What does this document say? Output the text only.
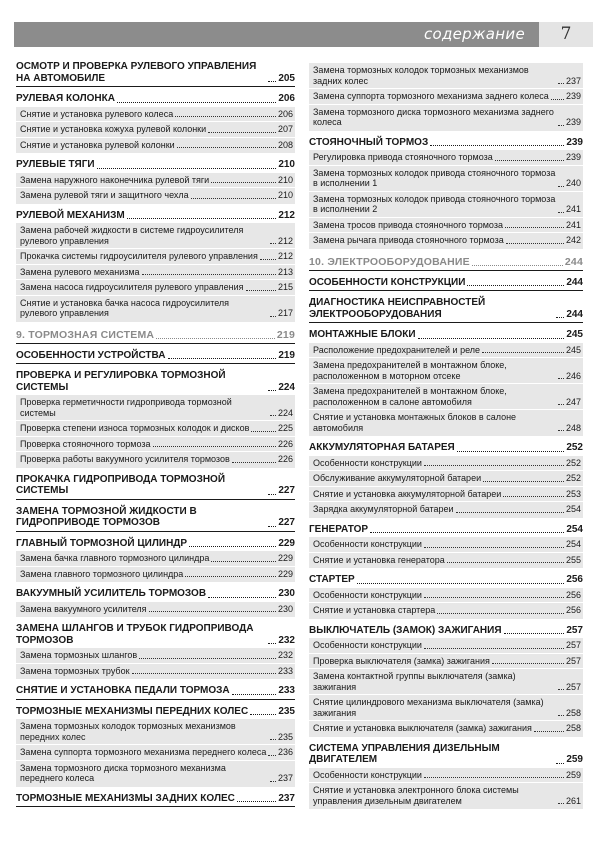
содержание	7
ОСМОТР И ПРОВЕРКА РУЛЕВОГО УПРАВЛЕНИЯ НА АВТОМОБИЛЕ	205
РУЛЕВАЯ КОЛОНКА	206
Снятие и установка рулевого колеса	206
Снятие и установка кожуха рулевой колонки	207
Снятие и установка рулевой колонки	208
РУЛЕВЫЕ ТЯГИ	210
Замена наружного наконечника рулевой тяги	210
Замена рулевой тяги и защитного чехла	210
РУЛЕВОЙ МЕХАНИЗМ	212
Замена рабочей жидкости в системе гидроусилителя рулевого управления	212
Прокачка системы гидроусилителя рулевого управления 212
Замена рулевого механизма	213
Замена насоса гидроусилителя рулевого управления	215
Снятие и установка бачка насоса гидроусилителя рулевого управления	217
9. ТОРМОЗНАЯ СИСТЕМА	219
ОСОБЕННОСТИ УСТРОЙСТВА	219
ПРОВЕРКА И РЕГУЛИРОВКА ТОРМОЗНОЙ СИСТЕМЫ	224
Проверка герметичности гидропривода тормозной системы	224
Проверка степени износа тормозных колодок и дисков	225
Проверка стояночного тормоза	226
Проверка работы вакуумного усилителя тормозов	226
ПРОКАЧКА ГИДРОПРИВОДА ТОРМОЗНОЙ СИСТЕМЫ	227
ЗАМЕНА ТОРМОЗНОЙ ЖИДКОСТИ В ГИДРОПРИВОДЕ ТОРМОЗОВ	227
ГЛАВНЫЙ ТОРМОЗНОЙ ЦИЛИНДР	229
Замена бачка главного тормозного цилиндра	229
Замена главного тормозного цилиндра	229
ВАКУУМНЫЙ УСИЛИТЕЛЬ ТОРМОЗОВ	230
Замена вакуумного усилителя	230
ЗАМЕНА ШЛАНГОВ И ТРУБОК ГИДРОПРИВОДА ТОРМОЗОВ	232
Замена тормозных шлангов	232
Замена тормозных трубок	233
СНЯТИЕ И УСТАНОВКА ПЕДАЛИ ТОРМОЗА	233
ТОРМОЗНЫЕ МЕХАНИЗМЫ ПЕРЕДНИХ КОЛЕС	235
Замена тормозных колодок тормозных механизмов передних колес	235
Замена суппорта тормозного механизма переднего колеса 236
Замена тормозного диска тормозного механизма переднего колеса	237
ТОРМОЗНЫЕ МЕХАНИЗМЫ ЗАДНИХ КОЛЕС	237
Замена тормозных колодок тормозных механизмов задних колес	237
Замена суппорта тормозного механизма заднего колеса 239
Замена тормозного диска тормозного механизма заднего колеса	239
СТОЯНОЧНЫЙ ТОРМОЗ	239
Регулировка привода стояночного тормоза	239
Замена тормозных колодок привода стояночного тормоза в исполнении 1	240
Замена тормозных колодок привода стояночного тормоза в исполнении 2	241
Замена тросов привода стояночного тормоза	241
Замена рычага привода стояночного тормоза	242
10. ЭЛЕКТРООБОРУДОВАНИЕ	244
ОСОБЕННОСТИ КОНСТРУКЦИИ	244
ДИАГНОСТИКА НЕИСПРАВНОСТЕЙ ЭЛЕКТРООБОРУДОВАНИЯ	244
МОНТАЖНЫЕ БЛОКИ	245
Расположение предохранителей и реле	245
Замена предохранителей в монтажном блоке, расположенном в моторном отсеке	246
Замена предохранителей в монтажном блоке, расположенном в салоне автомобиля	247
Снятие и установка монтажных блоков в салоне автомобиля	248
АККУМУЛЯТОРНАЯ БАТАРЕЯ	252
Особенности конструкции	252
Обслуживание аккумуляторной батареи	252
Снятие и установка аккумуляторной батареи	253
Зарядка аккумуляторной батареи	254
ГЕНЕРАТОР	254
Особенности конструкции	254
Снятие и установка генератора	255
СТАРТЕР	256
Особенности конструкции	256
Снятие и установка стартера	256
ВЫКЛЮЧАТЕЛЬ (ЗАМОК) ЗАЖИГАНИЯ	257
Особенности конструкции	257
Проверка выключателя (замка) зажигания	257
Замена контактной группы выключателя (замка) зажигания	257
Снятие цилиндрового механизма выключателя (замка) зажигания	258
Снятие и установка выключателя (замка) зажигания	258
СИСТЕМА УПРАВЛЕНИЯ ДИЗЕЛЬНЫМ ДВИГАТЕЛЕМ	259
Особенности конструкции	259
Снятие и установка электронного блока системы управления дизельным двигателем	261
